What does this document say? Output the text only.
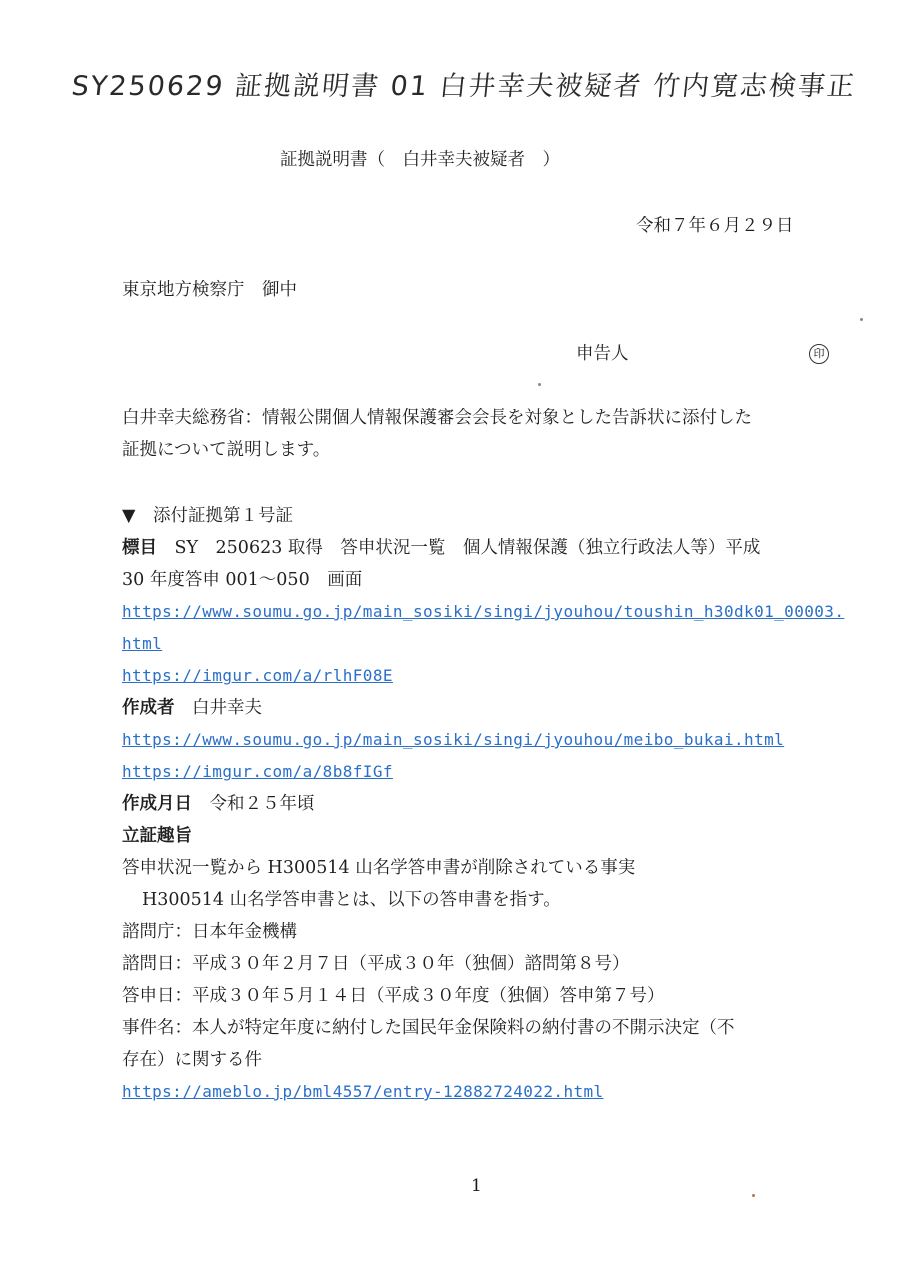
SY250629 証拠説明書 01 白井幸夫被疑者 竹内寛志検事正
証拠説明書（　白井幸夫被疑者　）
令和７年６月２９日
東京地方検察庁　御中
申告人	印
白井幸夫総務省：情報公開個人情報保護審会会長を対象とした告訴状に添付した
証拠について説明します。
▼　添付証拠第１号証
標目　 SY　250623 取得　答申状況一覧　個人情報保護（独立行政法人等）平成
30 年度答申 001～050　画面
https://www.soumu.go.jp/main_sosiki/singi/jyouhou/toushin_h30dk01_00003.
html
https://imgur.com/a/rlhF08E
作成者　 白井幸夫
https://www.soumu.go.jp/main_sosiki/singi/jyouhou/meibo_bukai.html
https://imgur.com/a/8b8fIGf
作成月日　 令和２５年頃
立証趣旨
答申状況一覧から H300514 山名学答申書が削除されている事実
H300514 山名学答申書とは、以下の答申書を指す。
諮問庁：日本年金機構
諮問日：平成３０年２月７日（平成３０年（独個）諮問第８号）
答申日：平成３０年５月１４日（平成３０年度（独個）答申第７号）
事件名：本人が特定年度に納付した国民年金保険料の納付書の不開示決定（不
存在）に関する件
https://ameblo.jp/bml4557/entry-12882724022.html
1
